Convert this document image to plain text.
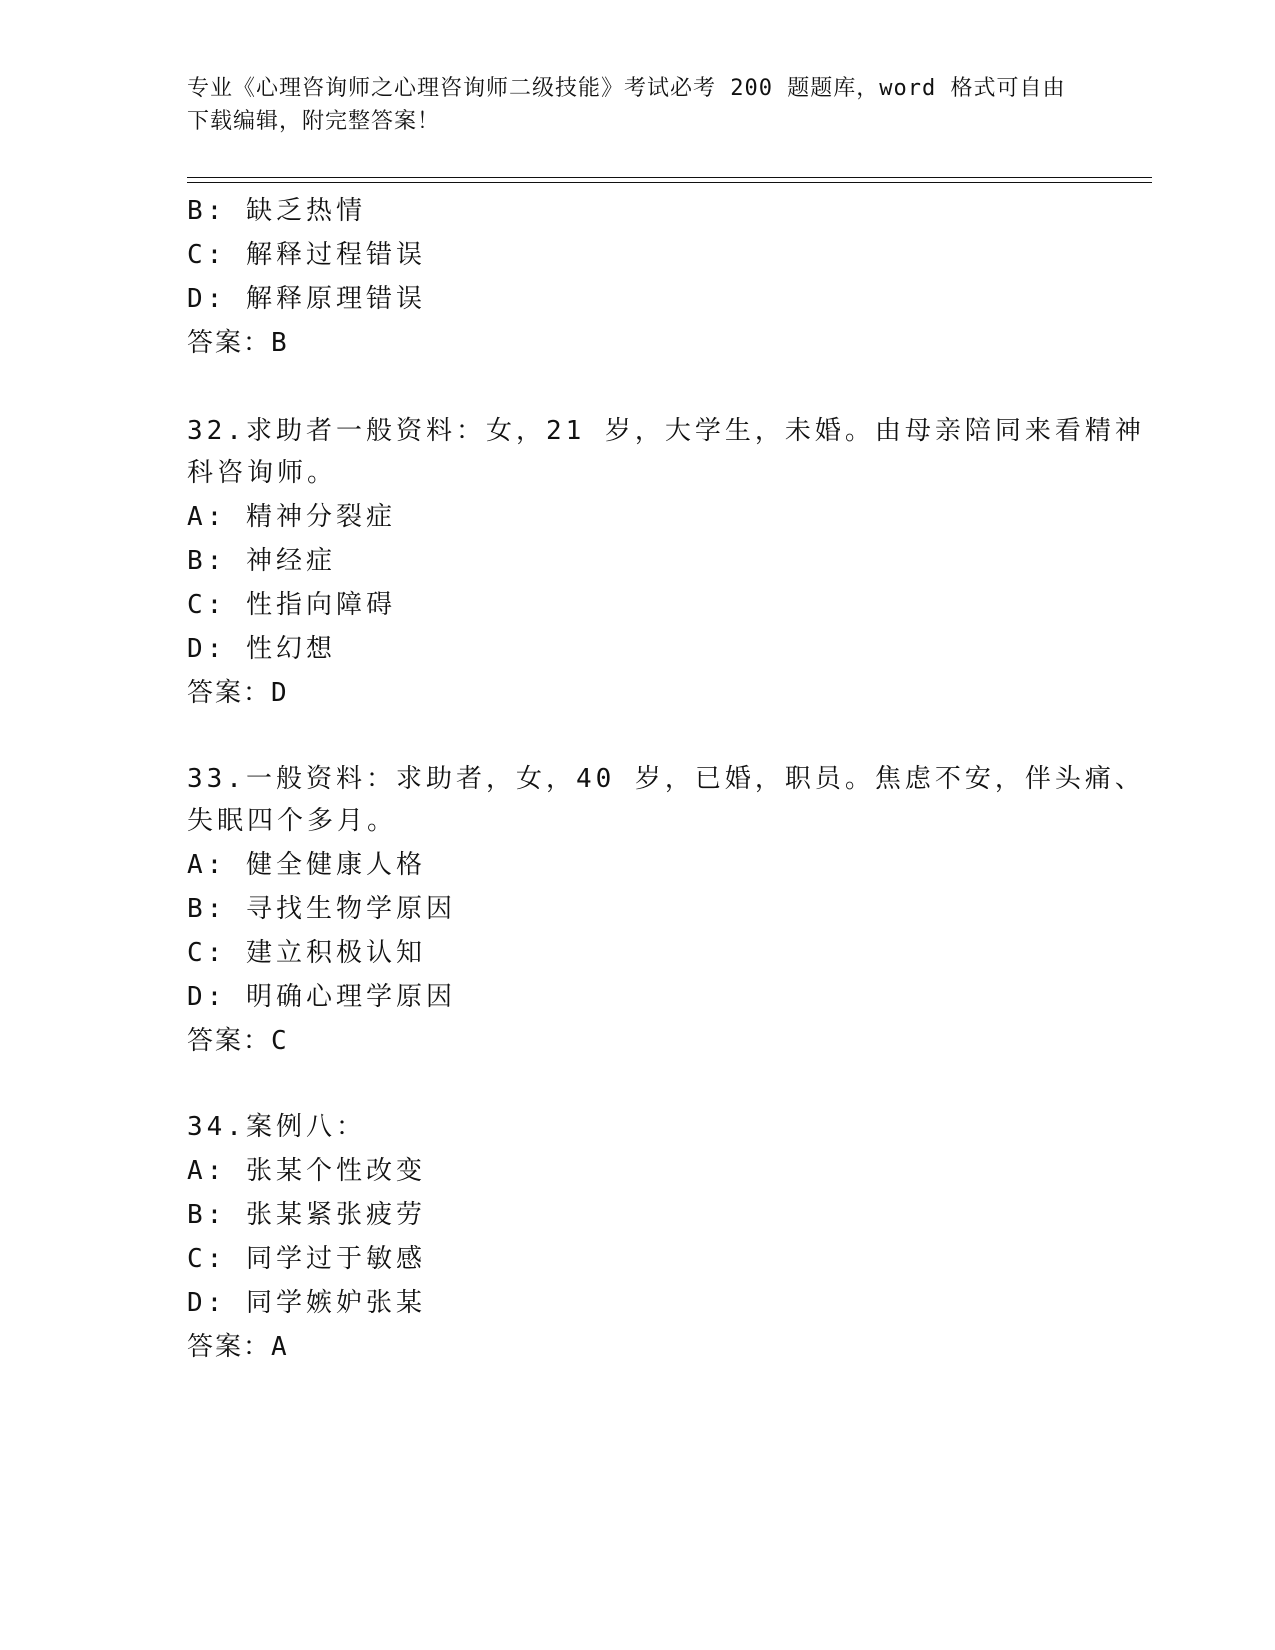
专业《心理咨询师之心理咨询师二级技能》考试必考 200 题题库，word 格式可自由下载编辑，附完整答案！
B: 缺乏热情
C: 解释过程错误
D: 解释原理错误
答案：B
32.求助者一般资料：女，21 岁，大学生，未婚。由母亲陪同来看精神
科咨询师。
A: 精神分裂症
B: 神经症
C: 性指向障碍
D: 性幻想
答案：D
33.一般资料：求助者，女，40 岁，已婚，职员。焦虑不安，伴头痛、
失眠四个多月。
A: 健全健康人格
B: 寻找生物学原因
C: 建立积极认知
D: 明确心理学原因
答案：C
34.案例八：
A: 张某个性改变
B: 张某紧张疲劳
C: 同学过于敏感
D: 同学嫉妒张某
答案：A
